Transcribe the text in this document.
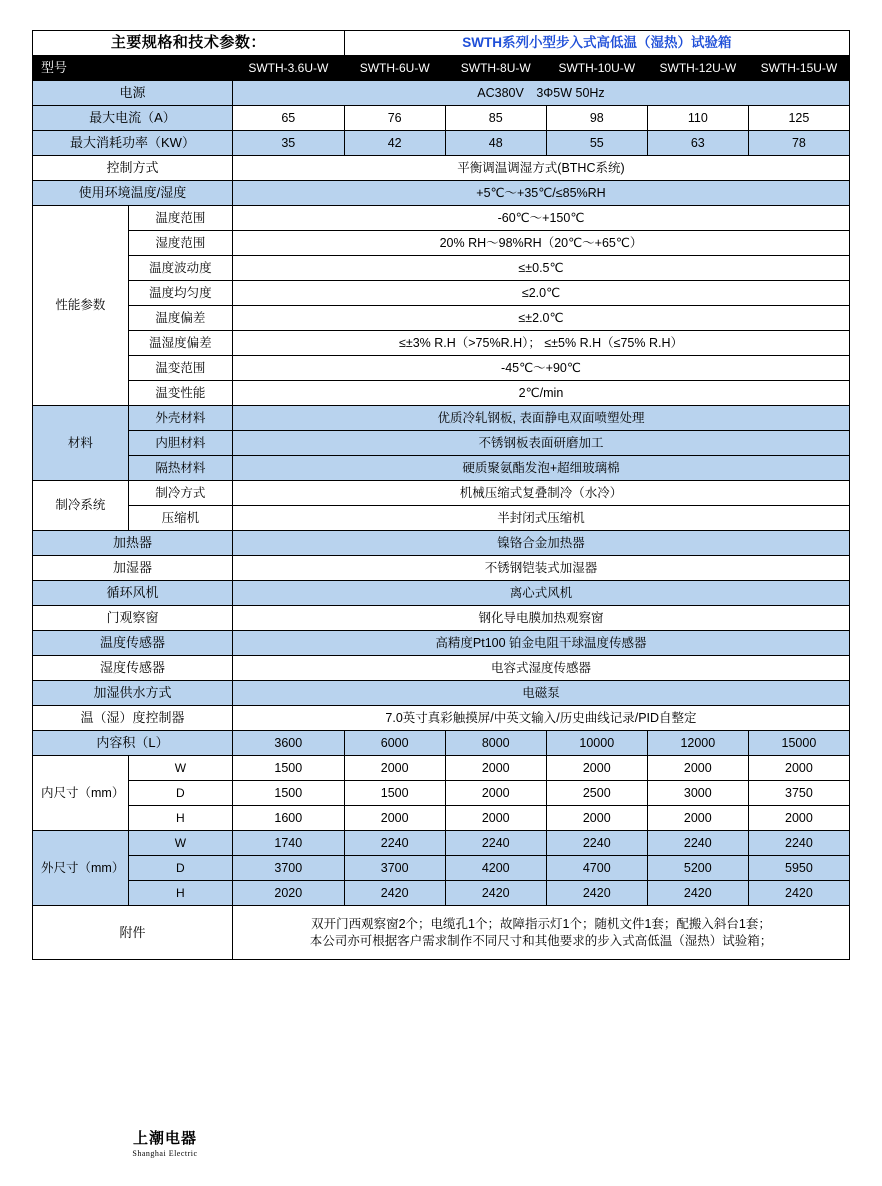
主要规格和技术参数：			SWTH系列小型步入式高低温（湿热）试验箱				
型号		SWTH-3.6U-W	SWTH-6U-W	SWTH-8U-W	SWTH-10U-W	SWTH-12U-W	SWTH-15U-W
电源		AC380V　3Φ5W 50Hz					
最大电流（A）		65	76	85	98	110	125
最大消耗功率（KW）		35	42	48	55	63	78
控制方式		平衡调温调湿方式(BTHC系统)					
使用环境温度/湿度		+5℃～+35℃/≤85%RH					
性能参数	温度范围	-60℃～+150℃					
	湿度范围	20% RH～98%RH（20℃～+65℃）					
	温度波动度	≤±0.5℃					
	温度均匀度	≤2.0℃					
	温度偏差	≤±2.0℃					
	温湿度偏差	≤±3% R.H（>75%R.H）； ≤±5% R.H（≤75% R.H）					
	温变范围	-45℃～+90℃					
	温变性能	2℃/min					
材料	外壳材料	优质冷轧钢板, 表面静电双面喷塑处理					
	内胆材料	不锈钢板表面研磨加工					
	隔热材料	硬质聚氨酯发泡+超细玻璃棉					
制冷系统	制冷方式	机械压缩式复叠制冷（水冷）					
	压缩机	半封闭式压缩机					
加热器		镍铬合金加热器					
加湿器		不锈钢铠装式加湿器					
循环风机		离心式风机					
门观察窗		钢化导电膜加热观察窗					
温度传感器		高精度Pt100 铂金电阻干球温度传感器					
湿度传感器		电容式湿度传感器					
加湿供水方式		电磁泵					
温（湿）度控制器		7.0英寸真彩触摸屏/中英文输入/历史曲线记录/PID自整定					
内容积（L）		3600	6000	8000	10000	12000	15000
内尺寸（mm）	W	1500	2000	2000	2000	2000	2000
	D	1500	1500	2000	2500	3000	3750
	H	1600	2000	2000	2000	2000	2000
外尺寸（mm）	W	1740	2240	2240	2240	2240	2240
	D	3700	3700	4200	4700	5200	5950
	H	2020	2420	2420	2420	2420	2420
附件		双开门西观察窗2个；电缆孔1个；故障指示灯1个；随机文件1套；配搬入斜台1套；
本公司亦可根据客户需求制作不同尺寸和其他要求的步入式高低温（湿热）试验箱；					
上潮电器
Shanghai Electric
